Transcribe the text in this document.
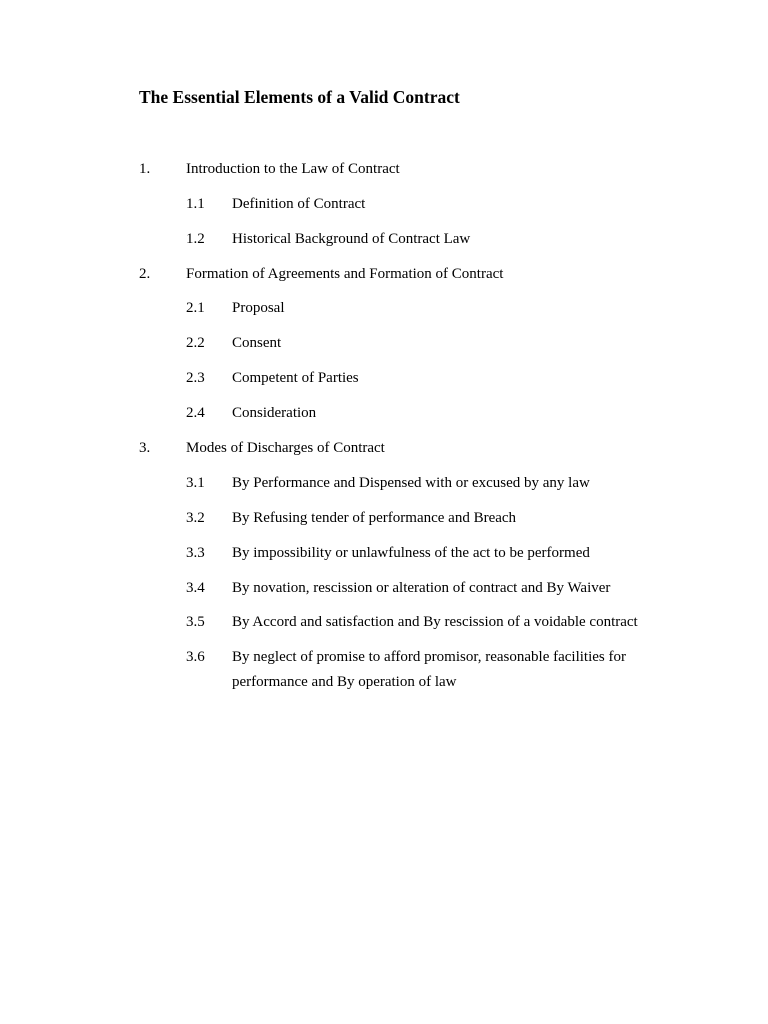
The Essential Elements of a Valid Contract
1. Introduction to the Law of Contract
1.1 Definition of Contract
1.2 Historical Background of Contract Law
2. Formation of Agreements and Formation of Contract
2.1 Proposal
2.2 Consent
2.3 Competent of Parties
2.4 Consideration
3. Modes of Discharges of Contract
3.1 By Performance and Dispensed with or excused by any law
3.2 By Refusing tender of performance and Breach
3.3 By impossibility or unlawfulness of the act to be performed
3.4 By novation, rescission or alteration of contract and By Waiver
3.5 By Accord and satisfaction and By rescission of a voidable contract
3.6 By neglect of promise to afford promisor, reasonable facilities for
performance and By operation of law
